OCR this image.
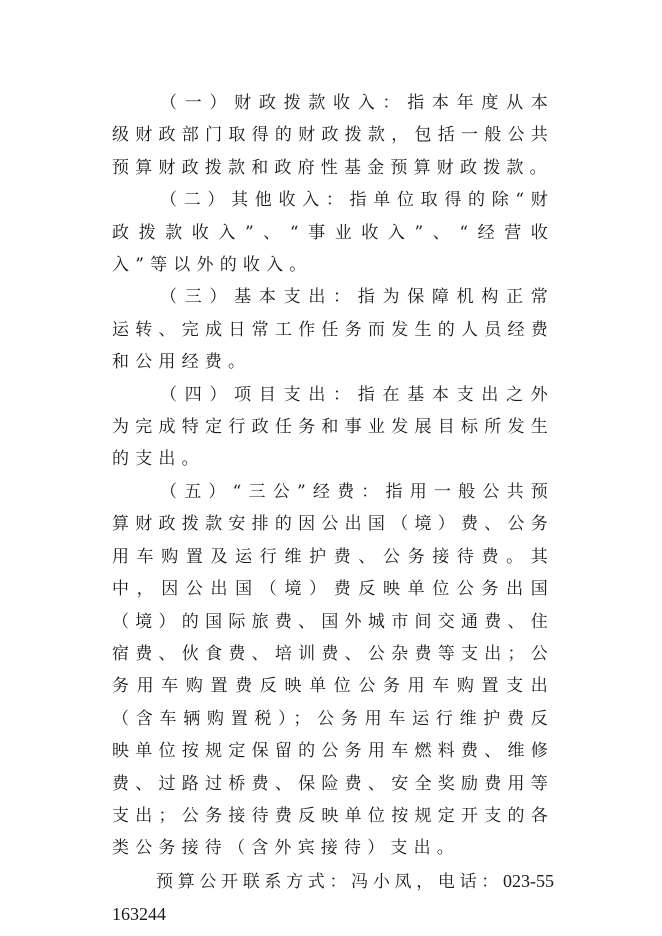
（一）财政拨款收入：指本年度从本级财政部门取得的财政拨款，包括一般公共预算财政拨款和政府性基金预算财政拨款。

（二）其他收入：指单位取得的除“财政拨款收入”、“事业收入”、“经营收入”等以外的收入。

（三）基本支出：指为保障机构正常运转、完成日常工作任务而发生的人员经费和公用经费。

（四）项目支出：指在基本支出之外为完成特定行政任务和事业发展目标所发生的支出。

（五）“三公”经费：指用一般公共预算财政拨款安排的因公出国（境）费、公务用车购置及运行维护费、公务接待费。其中，因公出国（境）费反映单位公务出国（境）的国际旅费、国外城市间交通费、住宿费、伙食费、培训费、公杂费等支出；公务用车购置费反映单位公务用车购置支出（含车辆购置税）；公务用车运行维护费反映单位按规定保留的公务用车燃料费、维修费、过路过桥费、保险费、安全奖励费用等支出；公务接待费反映单位按规定开支的各类公务接待（含外宾接待）支出。

预算公开联系方式：冯小凤，电话：023-55163244
